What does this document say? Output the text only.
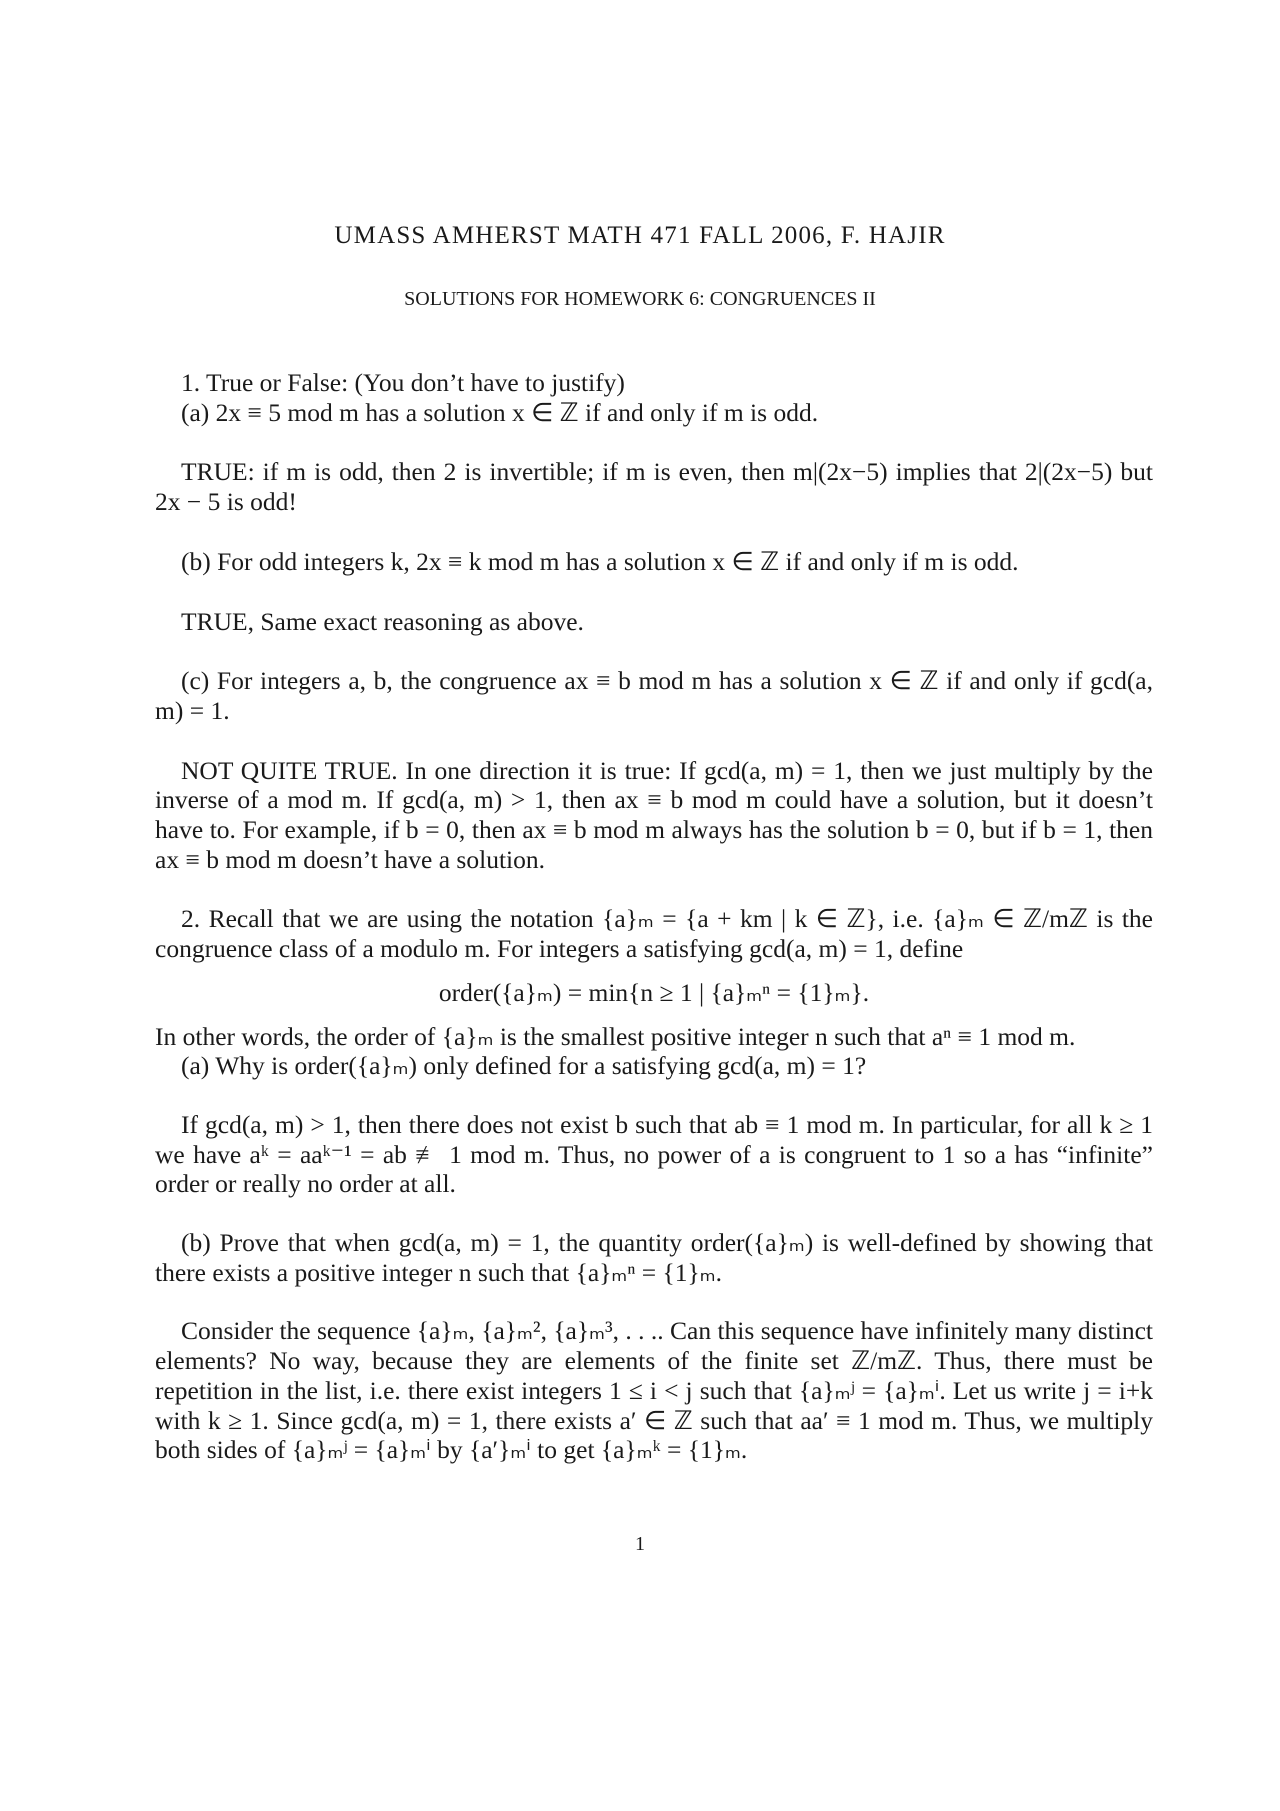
UMASS AMHERST MATH 471 FALL 2006, F. HAJIR
SOLUTIONS FOR HOMEWORK 6: CONGRUENCES II

1. True or False: (You don’t have to justify)

(a) 2x ≡ 5 mod m has a solution x ∈ ℤ if and only if m is odd.

TRUE: if m is odd, then 2 is invertible; if m is even, then m|(2x−5) implies that 2|(2x−5) but 2x − 5 is odd!

(b) For odd integers k, 2x ≡ k mod m has a solution x ∈ ℤ if and only if m is odd.

TRUE, Same exact reasoning as above.

(c) For integers a, b, the congruence ax ≡ b mod m has a solution x ∈ ℤ if and only if gcd(a, m) = 1.

NOT QUITE TRUE. In one direction it is true: If gcd(a, m) = 1, then we just multiply by the inverse of a mod m. If gcd(a, m) > 1, then ax ≡ b mod m could have a solution, but it doesn’t have to. For example, if b = 0, then ax ≡ b mod m always has the solution b = 0, but if b = 1, then ax ≡ b mod m doesn’t have a solution.

2. Recall that we are using the notation {a}ₘ = {a + km | k ∈ ℤ}, i.e. {a}ₘ ∈ ℤ/mℤ is the congruence class of a modulo m. For integers a satisfying gcd(a, m) = 1, define

order({a}ₘ) = min{n ≥ 1 | {a}ₘⁿ = {1}ₘ}.

In other words, the order of {a}ₘ is the smallest positive integer n such that aⁿ ≡ 1 mod m.

(a) Why is order({a}ₘ) only defined for a satisfying gcd(a, m) = 1?

If gcd(a, m) > 1, then there does not exist b such that ab ≡ 1 mod m. In particular, for all k ≥ 1 we have aᵏ = aaᵏ⁻¹ = ab ≢ 1 mod m. Thus, no power of a is congruent to 1 so a has “infinite” order or really no order at all.

(b) Prove that when gcd(a, m) = 1, the quantity order({a}ₘ) is well-defined by showing that there exists a positive integer n such that {a}ₘⁿ = {1}ₘ.

Consider the sequence {a}ₘ, {a}ₘ², {a}ₘ³, . . .. Can this sequence have infinitely many distinct elements? No way, because they are elements of the finite set ℤ/mℤ. Thus, there must be repetition in the list, i.e. there exist integers 1 ≤ i < j such that {a}ₘʲ = {a}ₘⁱ. Let us write j = i+k with k ≥ 1. Since gcd(a, m) = 1, there exists a′ ∈ ℤ such that aa′ ≡ 1 mod m. Thus, we multiply both sides of {a}ₘʲ = {a}ₘⁱ by {a′}ₘⁱ to get {a}ₘᵏ = {1}ₘ.

1
